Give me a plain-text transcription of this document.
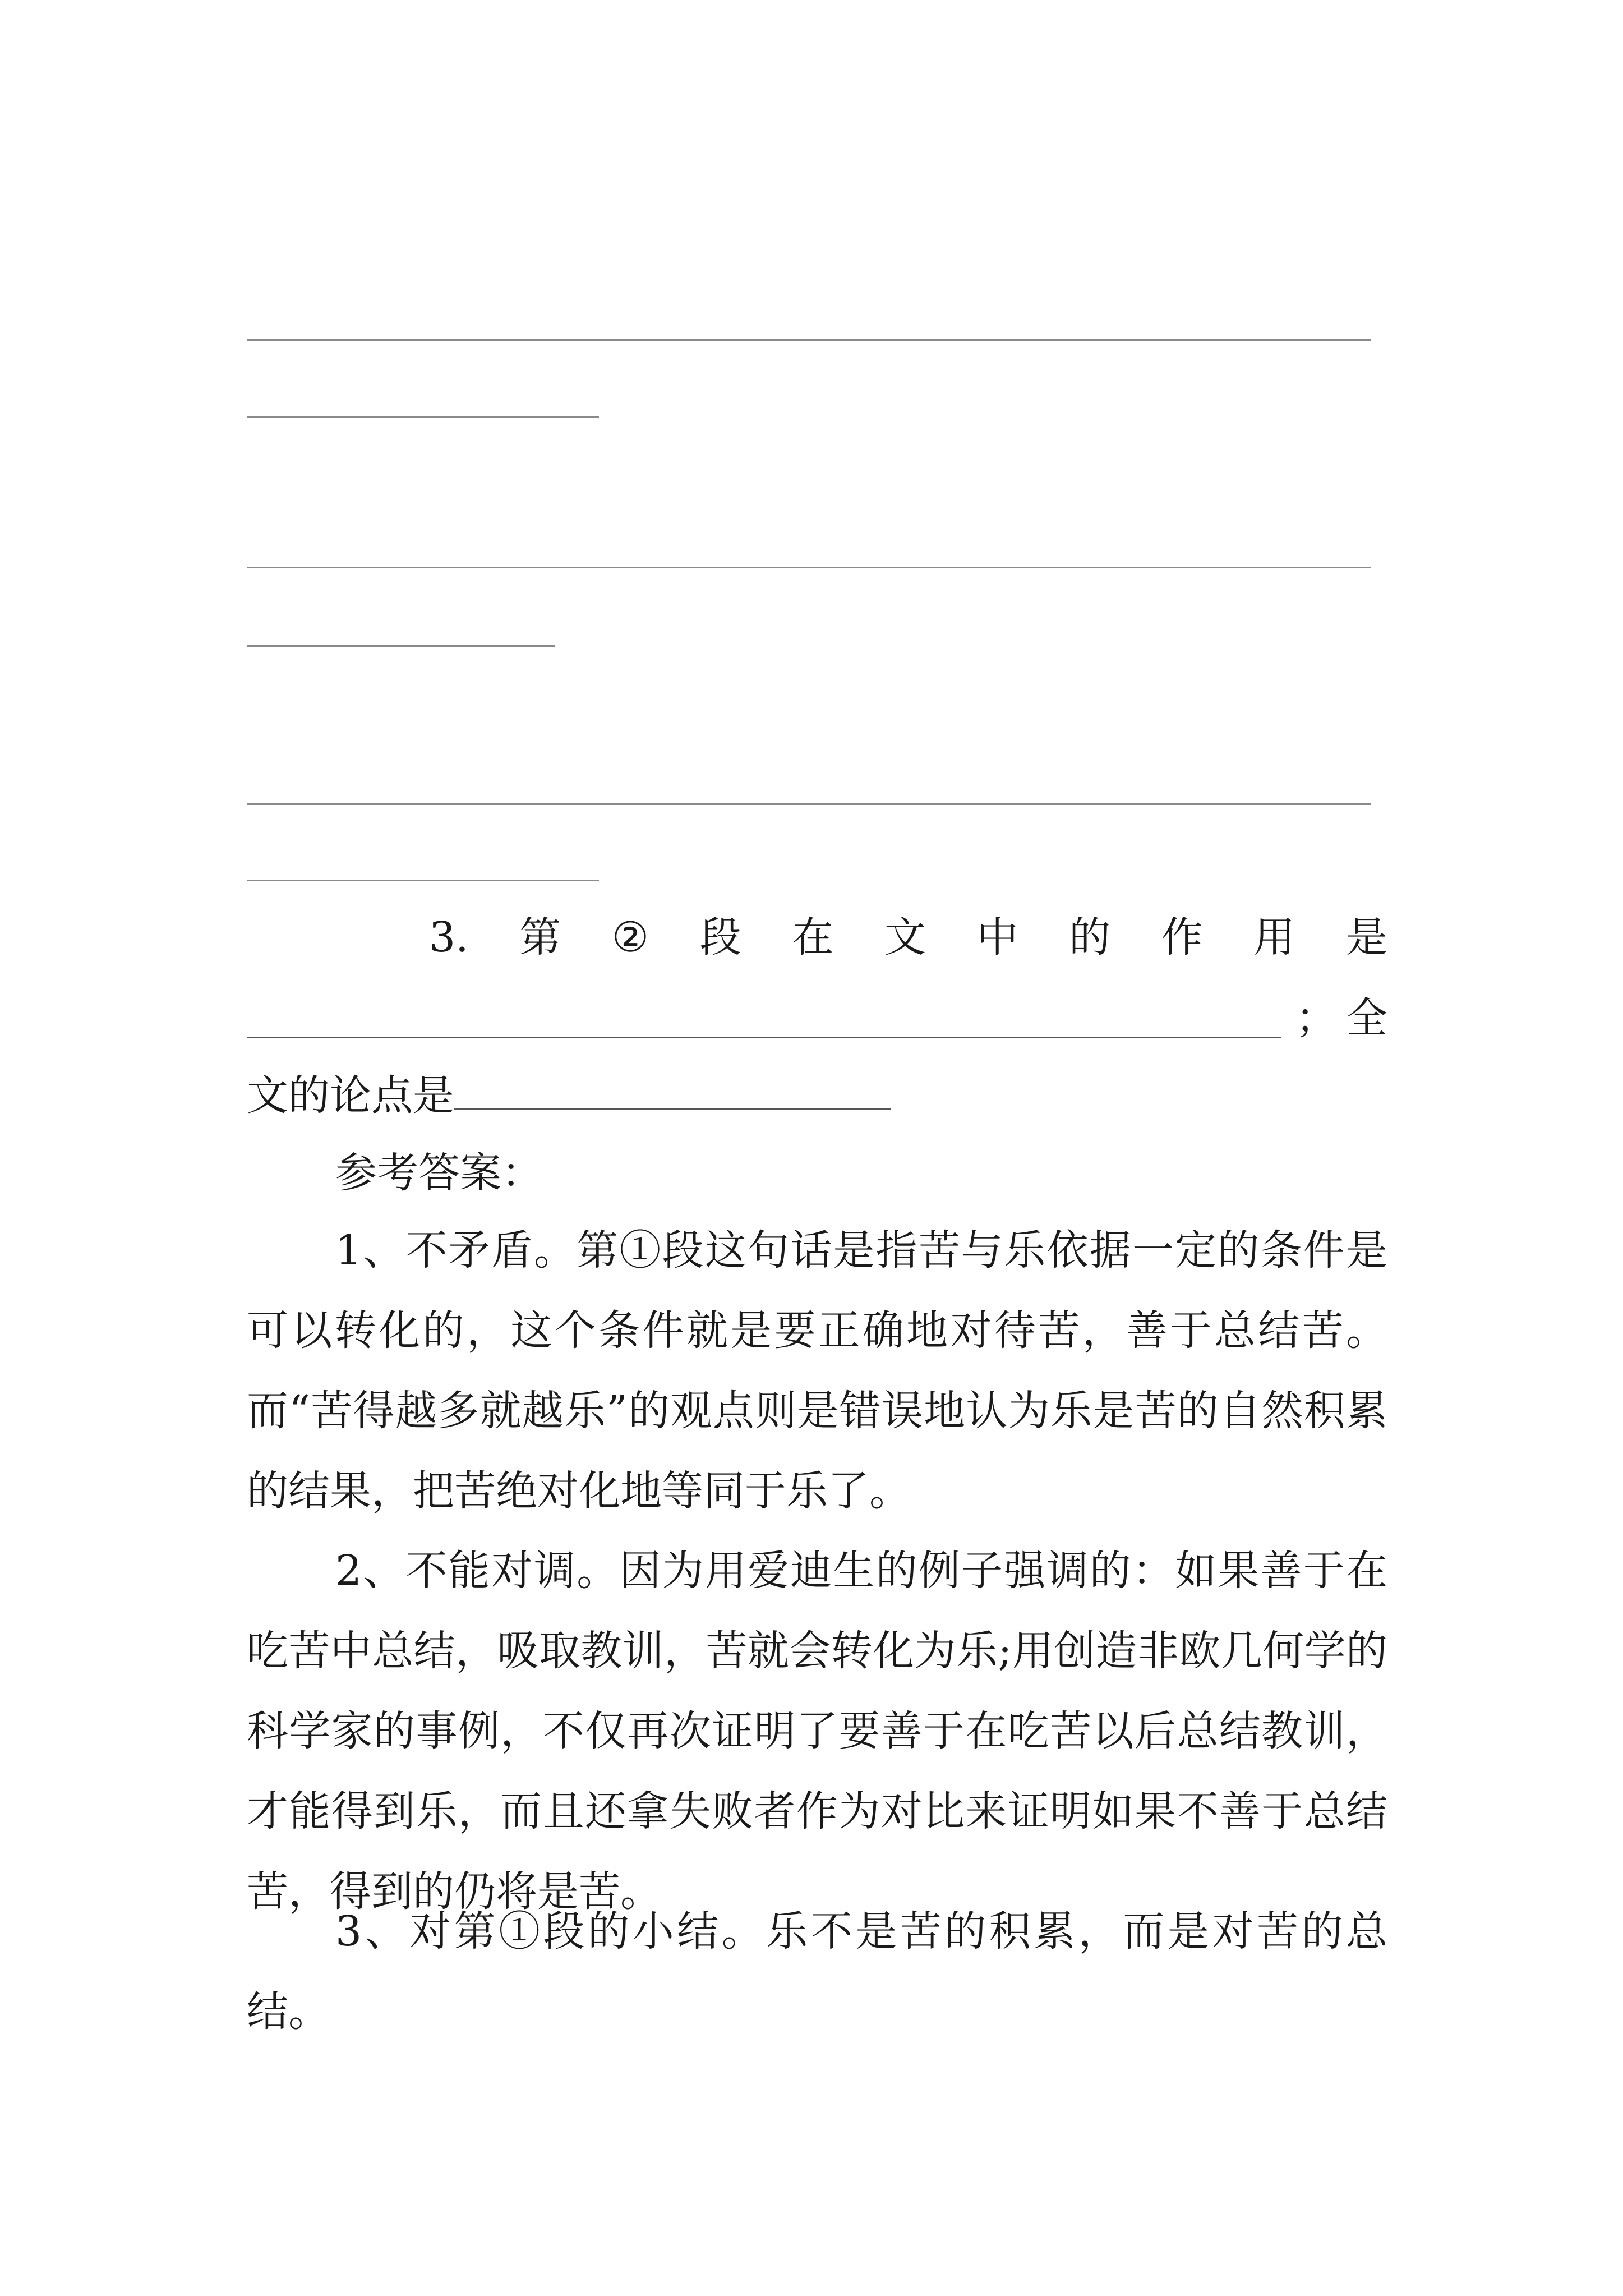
3. 第 ② 段 在 文 中 的 作 用 是
； 全
文的论点是
参考答案：
1、不矛盾。第①段这句话是指苦与乐依据一定的条件是可以转化的，这个条件就是要正确地对待苦，善于总结苦。而“苦得越多就越乐”的观点则是错误地认为乐是苦的自然积累的结果，把苦绝对化地等同于乐了。
2、不能对调。因为用爱迪生的例子强调的：如果善于在吃苦中总结，吸取教训，苦就会转化为乐;用创造非欧几何学的科学家的事例，不仅再次证明了要善于在吃苦以后总结教训，才能得到乐，而且还拿失败者作为对比来证明如果不善于总结苦，得到的仍将是苦。
3、对第①段的小结。乐不是苦的积累，而是对苦的总结。
